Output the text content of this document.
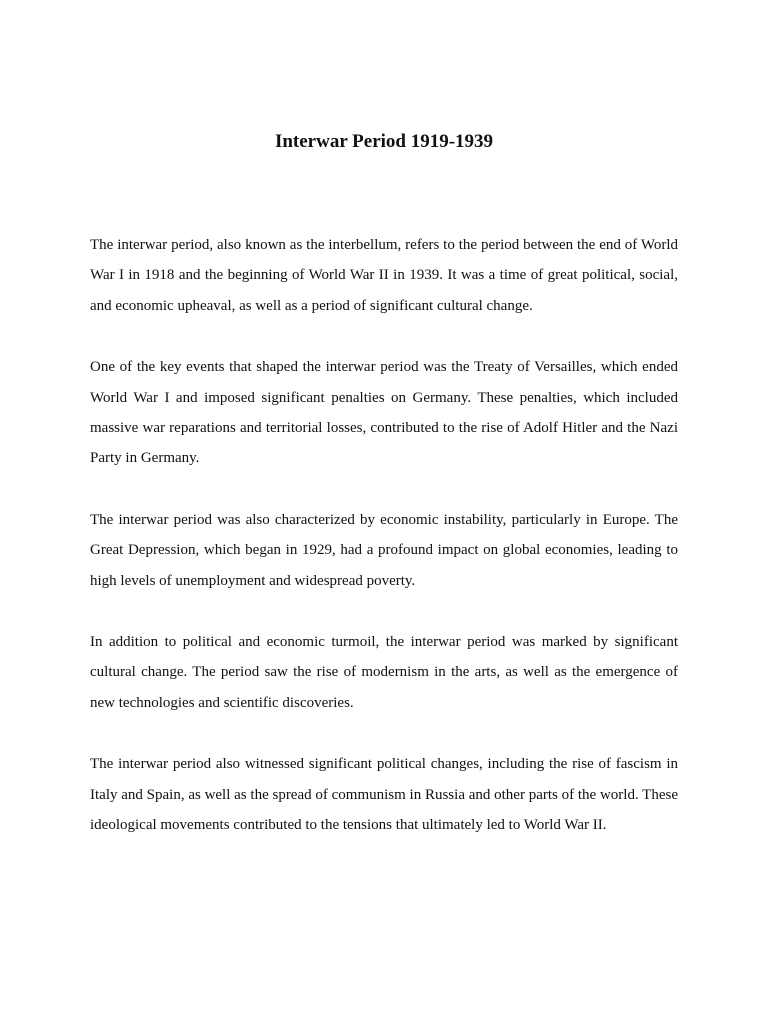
Interwar Period 1919-1939

The interwar period, also known as the interbellum, refers to the period between the end of World War I in 1918 and the beginning of World War II in 1939. It was a time of great political, social, and economic upheaval, as well as a period of significant cultural change.

One of the key events that shaped the interwar period was the Treaty of Versailles, which ended World War I and imposed significant penalties on Germany. These penalties, which included massive war reparations and territorial losses, contributed to the rise of Adolf Hitler and the Nazi Party in Germany.

The interwar period was also characterized by economic instability, particularly in Europe. The Great Depression, which began in 1929, had a profound impact on global economies, leading to high levels of unemployment and widespread poverty.

In addition to political and economic turmoil, the interwar period was marked by significant cultural change. The period saw the rise of modernism in the arts, as well as the emergence of new technologies and scientific discoveries.

The interwar period also witnessed significant political changes, including the rise of fascism in Italy and Spain, as well as the spread of communism in Russia and other parts of the world. These ideological movements contributed to the tensions that ultimately led to World War II.
